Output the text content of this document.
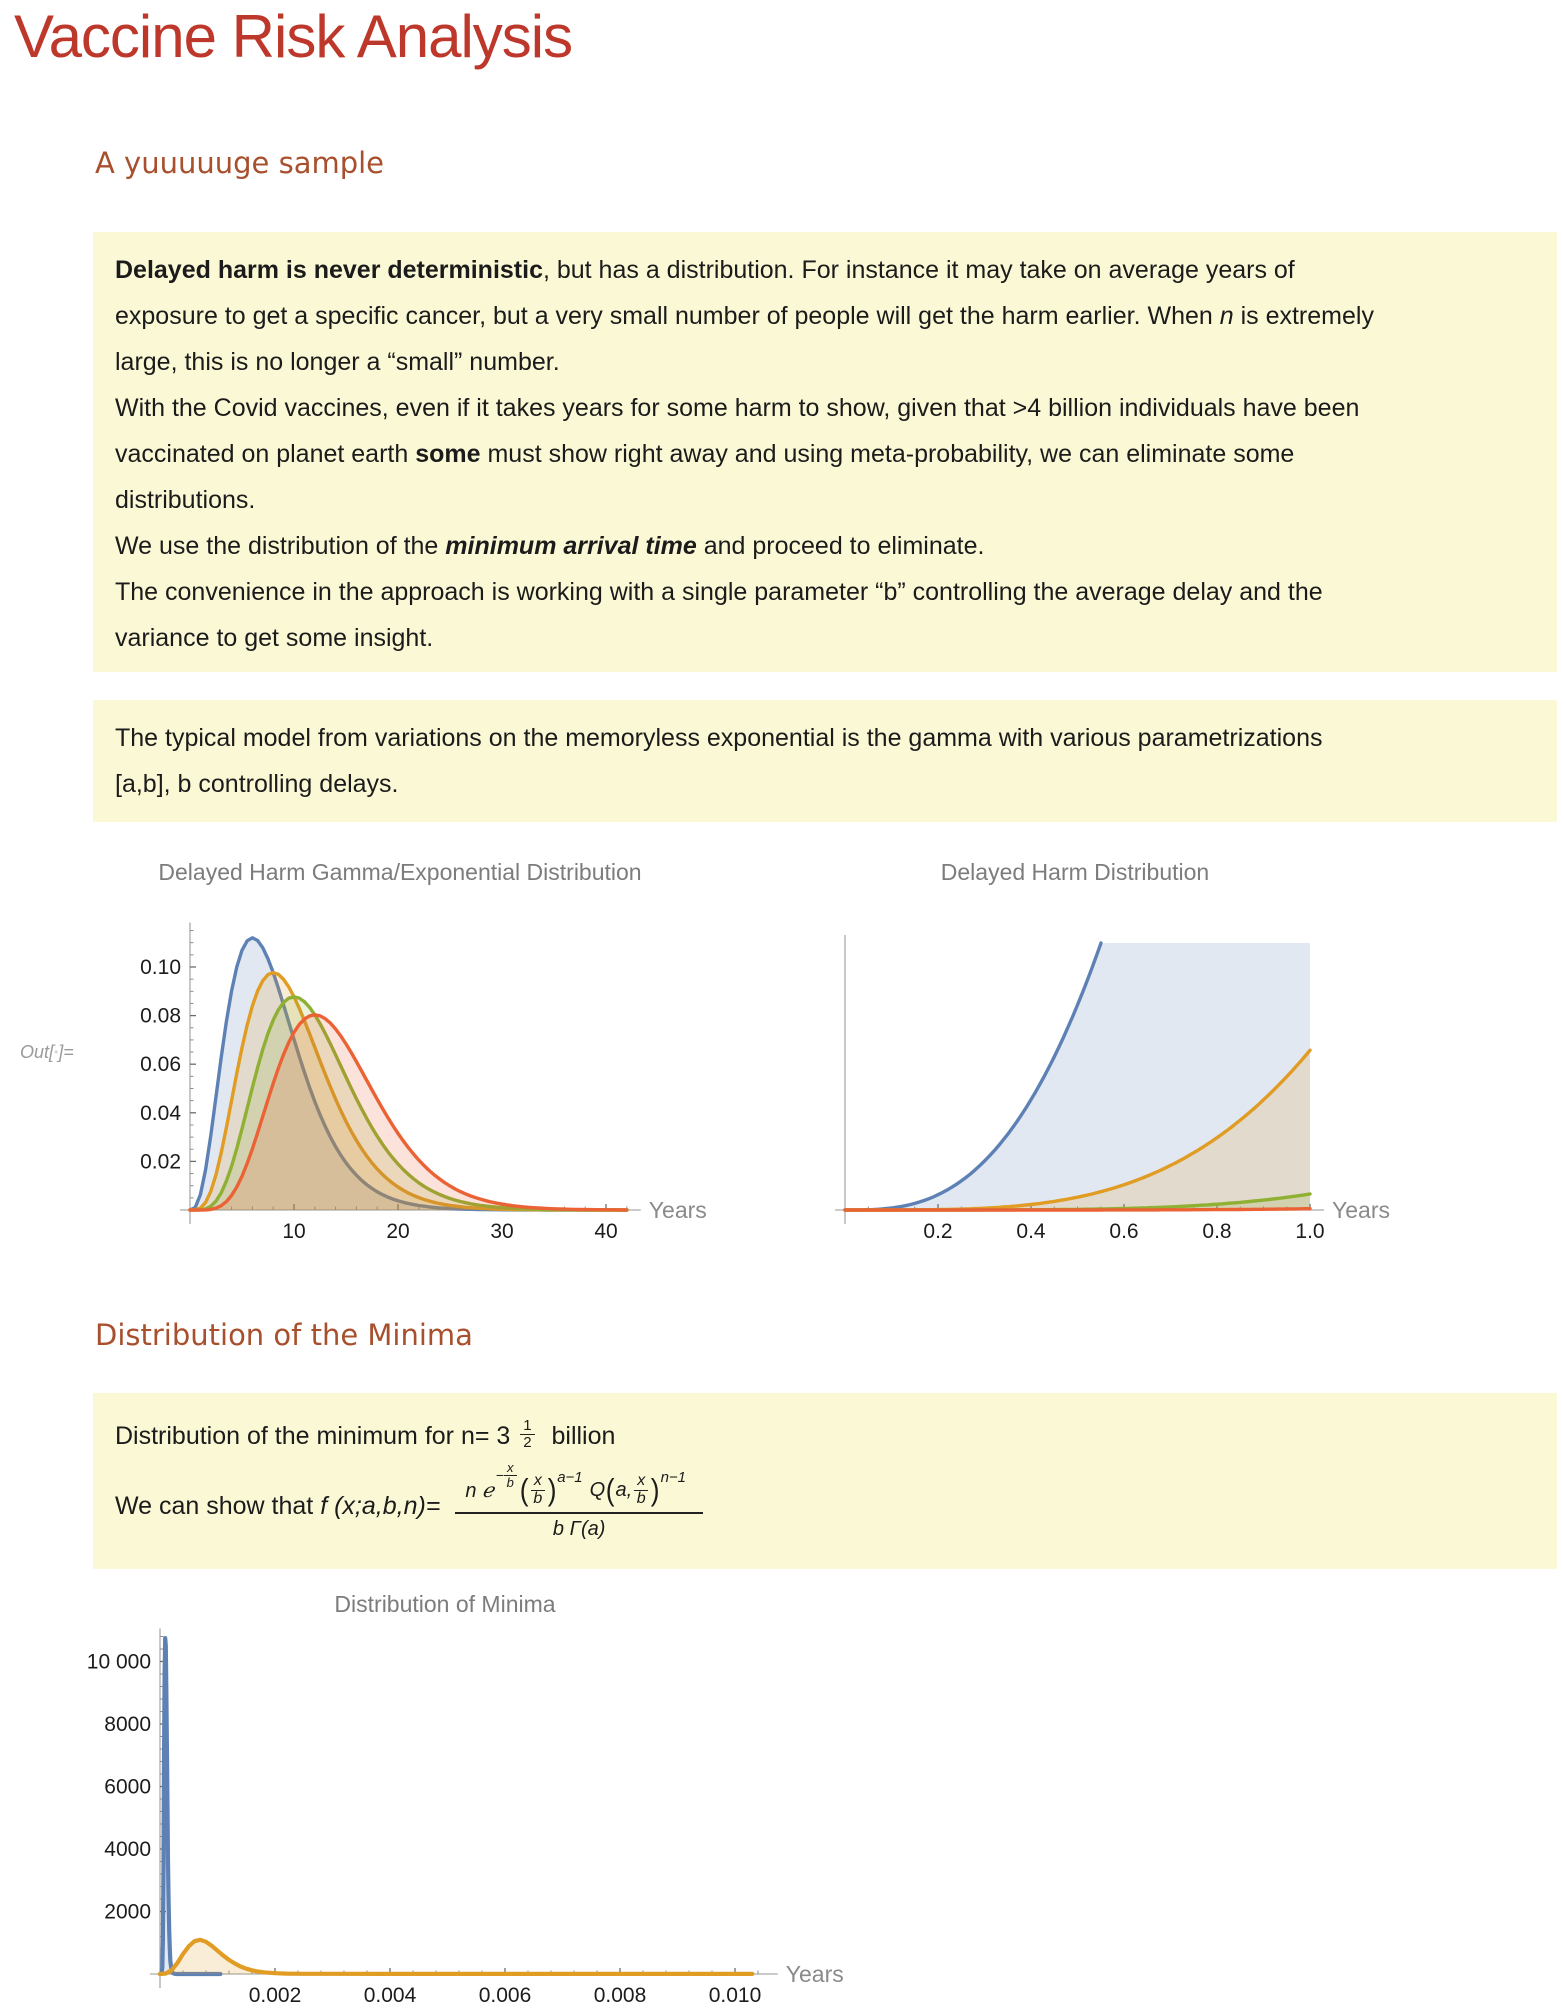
Vaccine Risk Analysis
A yuuuuuge sample
Delayed harm is never deterministic, but has a distribution. For instance it may take on average years of
exposure to get a specific cancer, but a very small number of people will get the harm earlier. When n is extremely
large, this is no longer a “small” number.
With the Covid vaccines, even if it takes years for some harm to show, given that >4 billion individuals have been
vaccinated on planet earth some must show right away and using meta-probability, we can eliminate some
distributions.
We use the distribution of the minimum arrival time and proceed to eliminate.
The convenience in the approach is working with a single parameter “b” controlling the average delay and the
variance to get some insight.
The typical model from variations on the memoryless exponential is the gamma with various parametrizations
[a,b], b controlling delays.
Out[•]=
Delayed Harm Gamma/Exponential Distribution
10	20	30	40
0.02
0.04
0.06
0.08
0.10
Years
Delayed Harm Distribution
0.2	0.4	0.6	0.8	1.0
Years
Distribution of the Minima
Distribution of the minimum for $n= 3 \frac{1}{2}$ billion
We can show that f (x;a,b,n)=
n ℯ
− $\frac{x}{b}$ ( $\frac{x}{b}$ ) a−1
Q ( a, $\frac{x}{b}$ ) n−1
b Γ(a)
Distribution of Minima
0.002	0.004	0.006	0.008	0.010
2000
4000
6000
8000
10 000
Years
